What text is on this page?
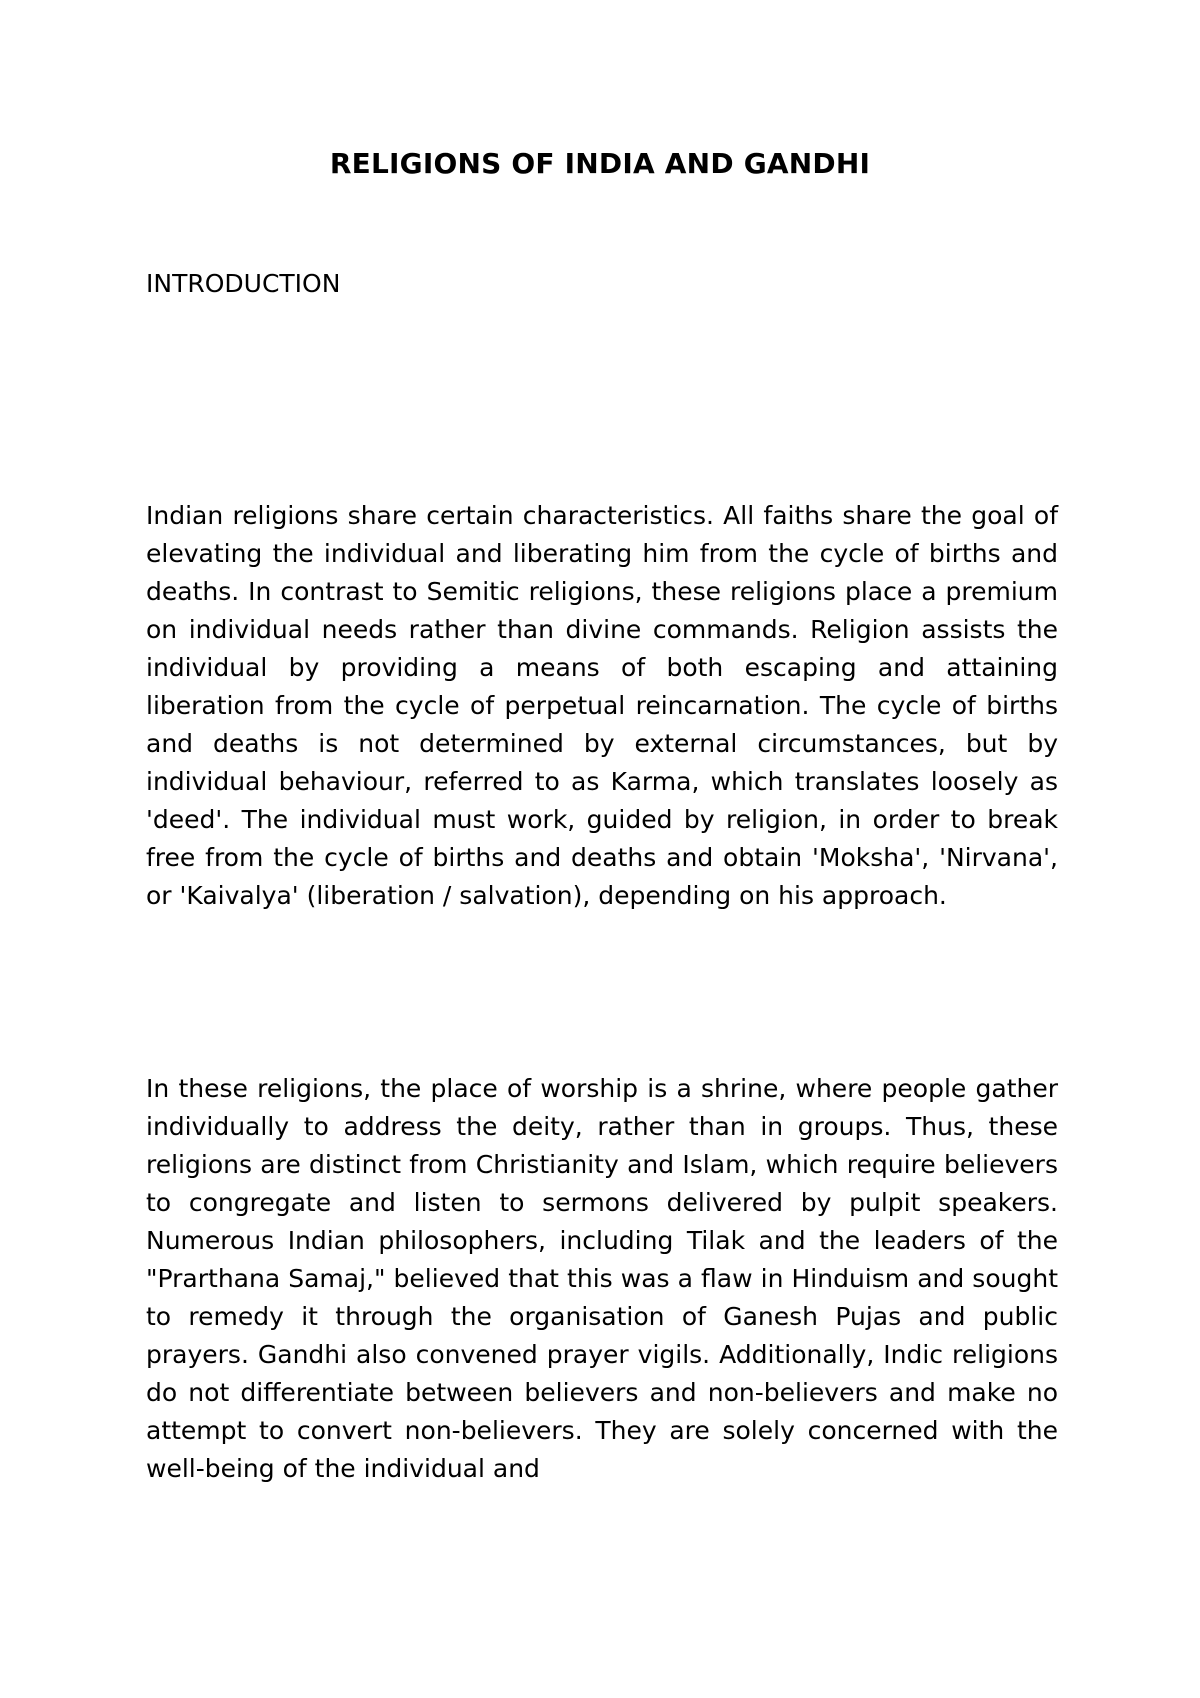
RELIGIONS OF INDIA AND GANDHI
INTRODUCTION

Indian religions share certain characteristics. All faiths share the goal of elevating the individual and liberating him from the cycle of births and deaths. In contrast to Semitic religions, these religions place a premium on individual needs rather than divine commands. Religion assists the individual by providing a means of both escaping and attaining liberation from the cycle of perpetual reincarnation. The cycle of births and deaths is not determined by external circumstances, but by individual behaviour, referred to as Karma, which translates loosely as 'deed'. The individual must work, guided by religion, in order to break free from the cycle of births and deaths and obtain 'Moksha', 'Nirvana', or 'Kaivalya' (liberation / salvation), depending on his approach.

In these religions, the place of worship is a shrine, where people gather individually to address the deity, rather than in groups. Thus, these religions are distinct from Christianity and Islam, which require believers to congregate and listen to sermons delivered by pulpit speakers. Numerous Indian philosophers, including Tilak and the leaders of the "Prarthana Samaj," believed that this was a flaw in Hinduism and sought to remedy it through the organisation of Ganesh Pujas and public prayers. Gandhi also convened prayer vigils. Additionally, Indic religions do not differentiate between believers and non-believers and make no attempt to convert non-believers. They are solely concerned with the well-being of the individual and
